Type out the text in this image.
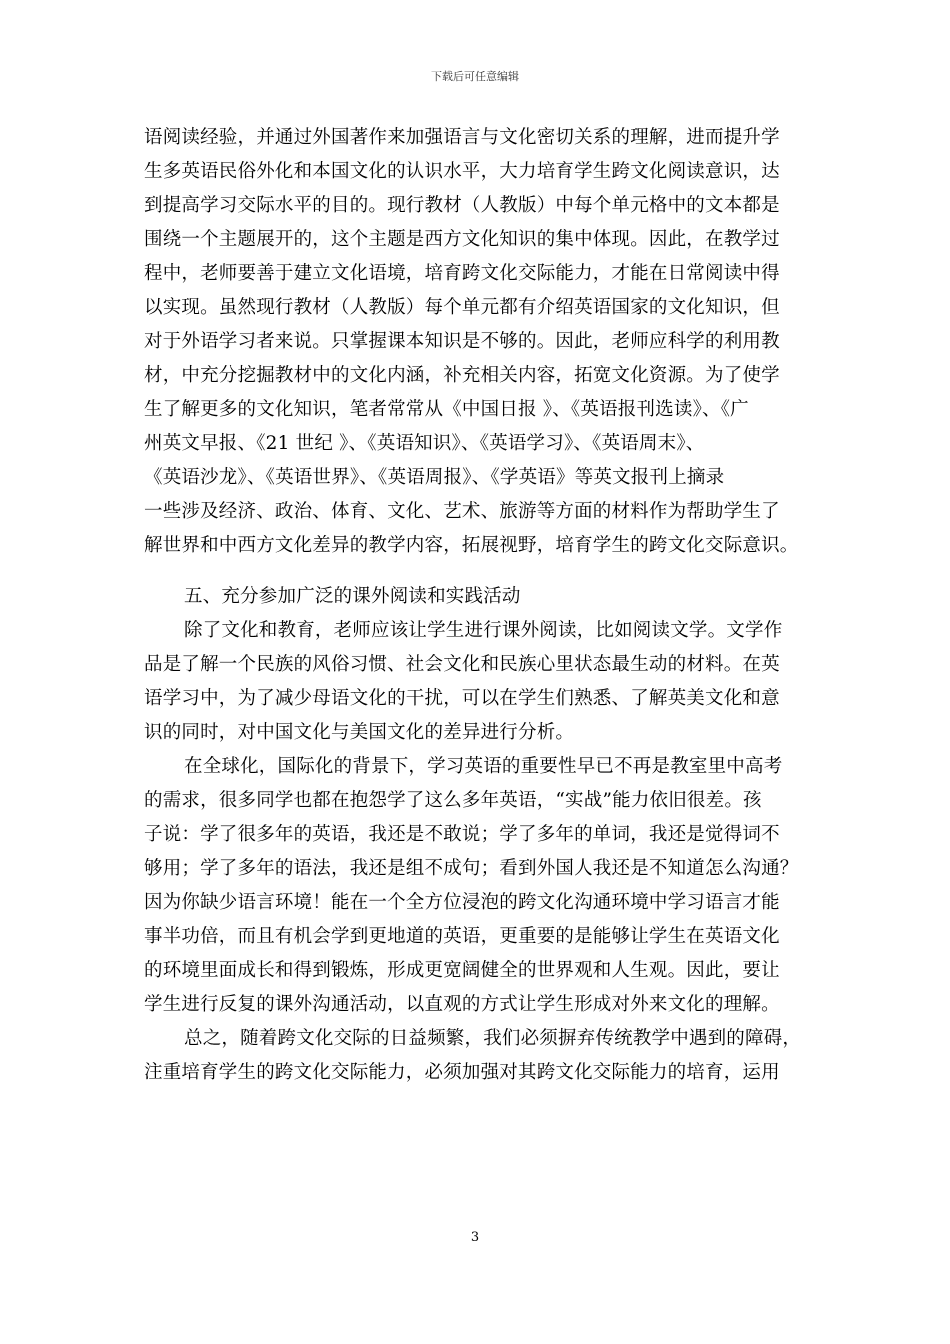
下载后可任意编辑
语阅读经验，并通过外国著作来加强语言与文化密切关系的理解，进而提升学
生多英语民俗外化和本国文化的认识水平，大力培育学生跨文化阅读意识，达
到提高学习交际水平的目的。现行教材（人教版）中每个单元格中的文本都是
围绕一个主题展开的，这个主题是西方文化知识的集中体现。因此，在教学过
程中，老师要善于建立文化语境，培育跨文化交际能力，才能在日常阅读中得
以实现。虽然现行教材（人教版）每个单元都有介绍英语国家的文化知识，但
对于外语学习者来说。只掌握课本知识是不够的。因此，老师应科学的利用教
材，中充分挖掘教材中的文化内涵，补充相关内容，拓宽文化资源。为了使学
生了解更多的文化知识，笔者常常从《中国日报 》、《英语报刊选读》、《广
州英文早报、《21 世纪 》、《英语知识》、《英语学习》、《英语周末》、
《英语沙龙》、《英语世界》、《英语周报》、《学英语》等英文报刊上摘录
一些涉及经济、政治、体育、文化、艺术、旅游等方面的材料作为帮助学生了
解世界和中西方文化差异的教学内容，拓展视野，培育学生的跨文化交际意识。
五、充分参加广泛的课外阅读和实践活动
除了文化和教育，老师应该让学生进行课外阅读，比如阅读文学。文学作
品是了解一个民族的风俗习惯、社会文化和民族心里状态最生动的材料。在英
语学习中，为了减少母语文化的干扰，可以在学生们熟悉、了解英美文化和意
识的同时，对中国文化与美国文化的差异进行分析。
在全球化，国际化的背景下，学习英语的重要性早已不再是教室里中高考
的需求，很多同学也都在抱怨学了这么多年英语，“实战”能力依旧很差。孩
子说：学了很多年的英语，我还是不敢说；学了多年的单词，我还是觉得词不
够用；学了多年的语法，我还是组不成句；看到外国人我还是不知道怎么沟通？
因为你缺少语言环境！能在一个全方位浸泡的跨文化沟通环境中学习语言才能
事半功倍，而且有机会学到更地道的英语，更重要的是能够让学生在英语文化
的环境里面成长和得到锻炼，形成更宽阔健全的世界观和人生观。因此，要让
学生进行反复的课外沟通活动，以直观的方式让学生形成对外来文化的理解。
总之，随着跨文化交际的日益频繁，我们必须摒弃传统教学中遇到的障碍，
注重培育学生的跨文化交际能力，必须加强对其跨文化交际能力的培育，运用
3
